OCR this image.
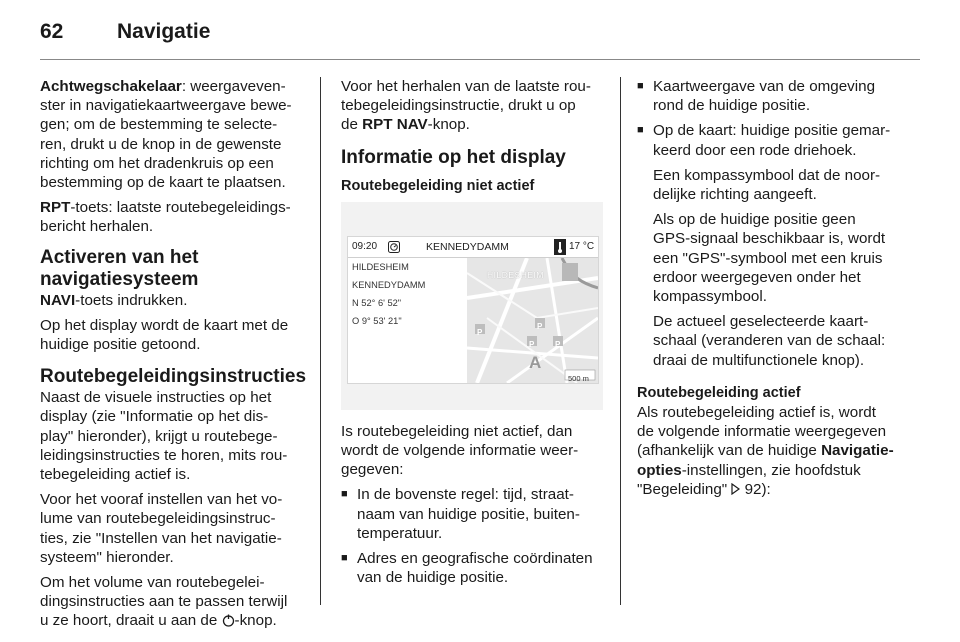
62	Navigatie

Achtwegschakelaar: weergaveven-
ster in navigatiekaartweergave bewe-
gen; om de bestemming te selecte-
ren, drukt u de knop in de gewenste
richting om het dradenkruis op een
bestemming op de kaart te plaatsen.

RPT-toets: laatste routebegeleidings-
bericht herhalen.

Activeren van het
navigatiesysteem

NAVI-toets indrukken.

Op het display wordt de kaart met de
huidige positie getoond.

Routebegeleidingsinstructies

Naast de visuele instructies op het
display (zie "Informatie op het dis-
play" hieronder), krijgt u routebege-
leidingsinstructies te horen, mits rou-
tebegeleiding actief is.

Voor het vooraf instellen van het vo-
lume van routebegeleidingsinstruc-
ties, zie "Instellen van het navigatie-
systeem" hieronder.

Om het volume van routebegelei-
dingsinstructies aan te passen terwijl
u ze hoort, draait u aan de -knop.

Voor het herhalen van de laatste rou-
tebegeleidingsinstructie, drukt u op
de RPT NAV-knop.

Informatie op het display
Routebegeleiding niet actief
09:20	KENNEDYDAMM	17 °C
HILDESHEIM
KENNEDYDAMM
N 52° 6' 52"
O 9° 53' 21"
HILDESHEIM
P
P	P
P
A
500 m

Is routebegeleiding niet actief, dan
wordt de volgende informatie weer-
gegeven:

■ In de bovenste regel: tijd, straat-
naam van huidige positie, buiten-
temperatuur.
■ Adres en geografische coördinaten
van de huidige positie.
■ Kaartweergave van de omgeving
rond de huidige positie.
■ Op de kaart: huidige positie gemar-
keerd door een rode driehoek.

Een kompassymbool dat de noor-
delijke richting aangeeft.

Als op de huidige positie geen
GPS-signaal beschikbaar is, wordt
een "GPS"-symbool met een kruis
erdoor weergegeven onder het
kompassymbool.

De actueel geselecteerde kaart-
schaal (veranderen van de schaal:
draai de multifunctionele knop).

Routebegeleiding actief

Als routebegeleiding actief is, wordt
de volgende informatie weergegeven
(afhankelijk van de huidige Navigatie-
opties-instellingen, zie hoofdstuk
"Begeleiding"  92):
